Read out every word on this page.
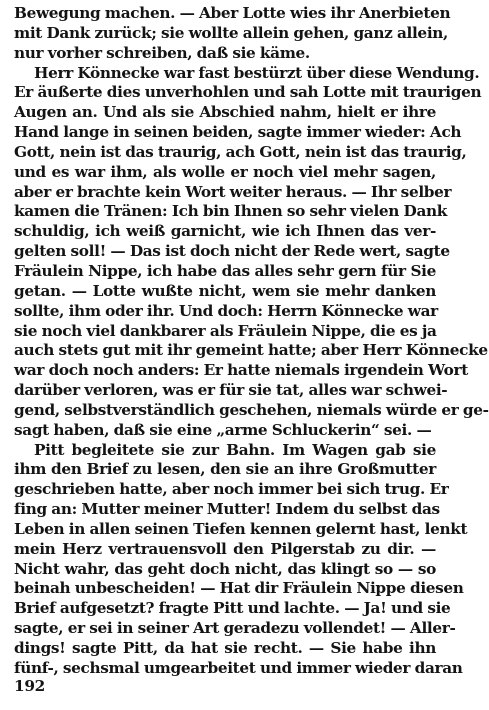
Bewegung machen. — Aber Lotte wies ihr Anerbieten
mit Dank zurück; sie wollte allein gehen, ganz allein,
nur vorher schreiben, daß sie käme.
Herr Könnecke war fast bestürzt über diese Wendung.
Er äußerte dies unverhohlen und sah Lotte mit traurigen
Augen an. Und als sie Abschied nahm, hielt er ihre
Hand lange in seinen beiden, sagte immer wieder: Ach
Gott, nein ist das traurig, ach Gott, nein ist das traurig,
und es war ihm, als wolle er noch viel mehr sagen,
aber er brachte kein Wort weiter heraus. — Ihr selber
kamen die Tränen: Ich bin Ihnen so sehr vielen Dank
schuldig, ich weiß garnicht, wie ich Ihnen das ver-
gelten soll! — Das ist doch nicht der Rede wert, sagte
Fräulein Nippe, ich habe das alles sehr gern für Sie
getan. — Lotte wußte nicht, wem sie mehr danken
sollte, ihm oder ihr. Und doch: Herrn Könnecke war
sie noch viel dankbarer als Fräulein Nippe, die es ja
auch stets gut mit ihr gemeint hatte; aber Herr Könnecke
war doch noch anders: Er hatte niemals irgendein Wort
darüber verloren, was er für sie tat, alles war schwei-
gend, selbstverständlich geschehen, niemals würde er ge-
sagt haben, daß sie eine „arme Schluckerin“ sei. —
Pitt begleitete sie zur Bahn. Im Wagen gab sie
ihm den Brief zu lesen, den sie an ihre Großmutter
geschrieben hatte, aber noch immer bei sich trug. Er
fing an: Mutter meiner Mutter! Indem du selbst das
Leben in allen seinen Tiefen kennen gelernt hast, lenkt
mein Herz vertrauensvoll den Pilgerstab zu dir. —
Nicht wahr, das geht doch nicht, das klingt so — so
beinah unbescheiden! — Hat dir Fräulein Nippe diesen
Brief aufgesetzt? fragte Pitt und lachte. — Ja! und sie
sagte, er sei in seiner Art geradezu vollendet! — Aller-
dings! sagte Pitt, da hat sie recht. — Sie habe ihn
fünf-, sechsmal umgearbeitet und immer wieder daran
192
